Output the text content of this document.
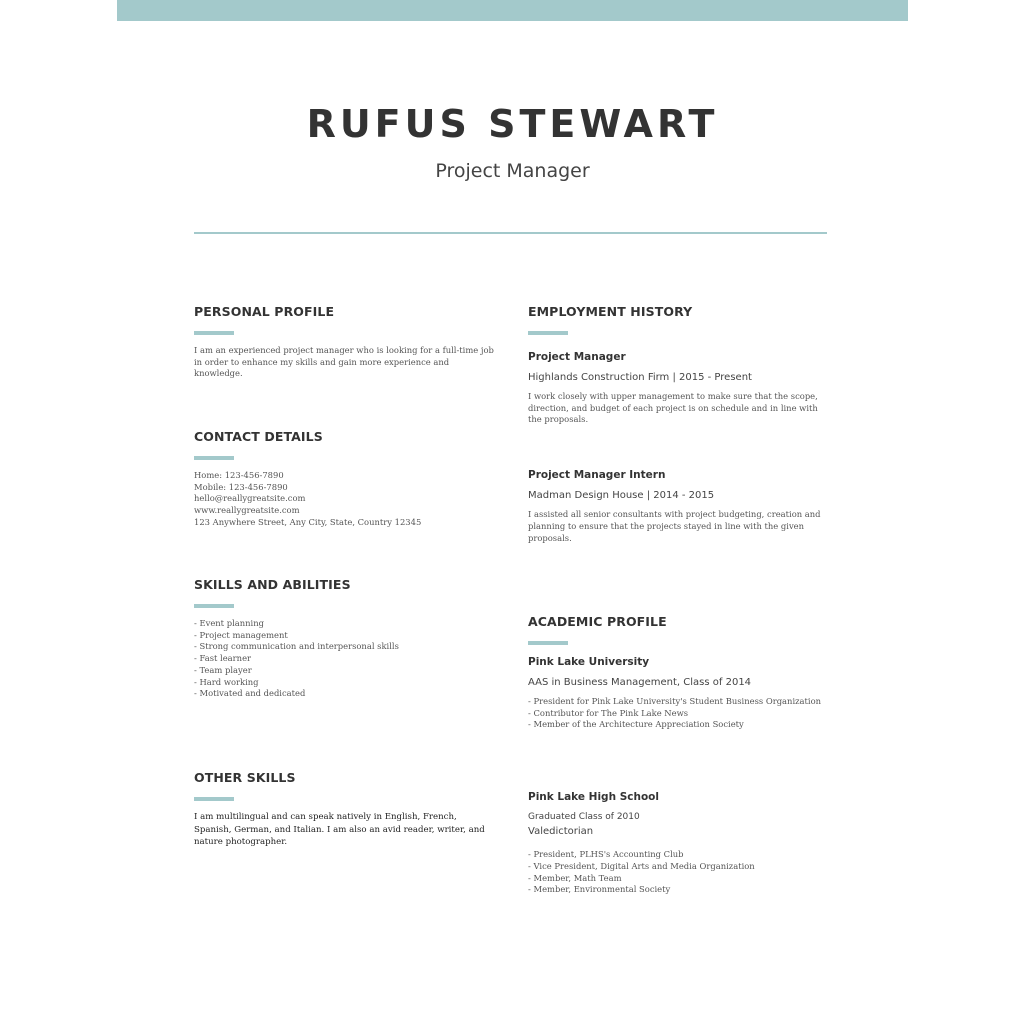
RUFUS STEWART
Project Manager
PERSONAL PROFILE
I am an experienced project manager who is looking for a full-time job in order to enhance my skills and gain more experience and knowledge.
CONTACT DETAILS
Home: 123-456-7890
Mobile: 123-456-7890
hello@reallygreatsite.com
www.reallygreatsite.com
123 Anywhere Street, Any City, State, Country 12345
SKILLS AND ABILITIES
- Event planning
- Project management
- Strong communication and interpersonal skills
- Fast learner
- Team player
- Hard working
- Motivated and dedicated
OTHER SKILLS
I am multilingual and can speak natively in English, French, Spanish, German, and Italian. I am also an avid reader, writer, and nature photographer.
EMPLOYMENT HISTORY
Project Manager
Highlands Construction Firm | 2015 - Present
I work closely with upper management to make sure that the scope, direction, and budget of each project is on schedule and in line with the proposals.
Project Manager Intern
Madman Design House | 2014 - 2015
I assisted all senior consultants with project budgeting, creation and planning to ensure that the projects stayed in line with the given proposals.
ACADEMIC PROFILE
Pink Lake University
AAS in Business Management, Class of 2014
- President for Pink Lake University's Student Business Organization
- Contributor for The Pink Lake News
- Member of the Architecture Appreciation Society
Pink Lake High School
Graduated Class of 2010
Valedictorian
- President, PLHS's Accounting Club
- Vice President, Digital Arts and Media Organization
- Member, Math Team
- Member, Environmental Society
